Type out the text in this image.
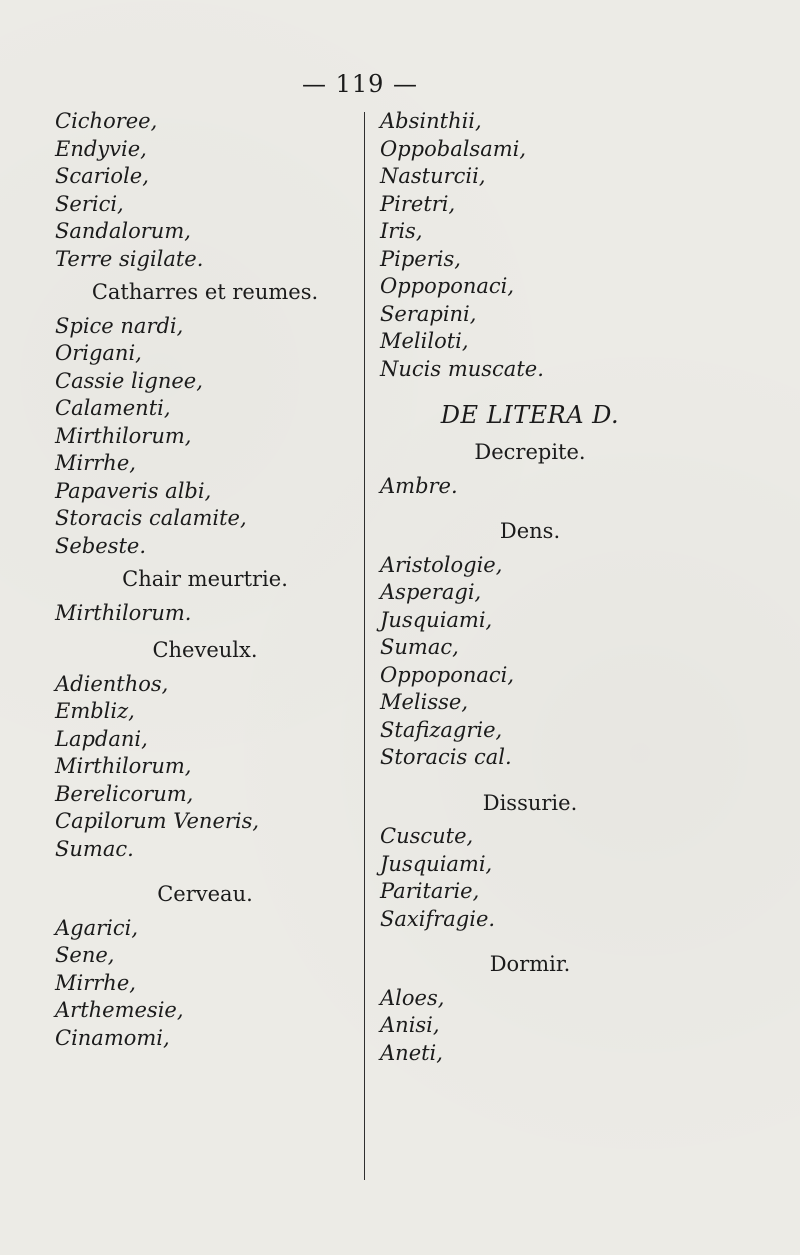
— 119 —

Cichoree,

Endyvie,

Scariole,

Serici,

Sandalorum,

Terre sigilate.

Catharres et reumes.

Spice nardi,

Origani,

Cassie lignee,

Calamenti,

Mirthilorum,

Mirrhe,

Papaveris albi,

Storacis calamite,

Sebeste.

Chair meurtrie.

Mirthilorum.

Cheveulx.

Adienthos,

Embliz,

Lapdani,

Mirthilorum,

Berelicorum,

Capilorum Veneris,

Sumac.

Cerveau.

Agarici,

Sene,

Mirrhe,

Arthemesie,

Cinamomi,

Absinthii,

Oppobalsami,

Nasturcii,

Piretri,

Iris,

Piperis,

Oppoponaci,

Serapini,

Meliloti,

Nucis muscate.

DE LITERA D.

Decrepite.

Ambre.

Dens.

Aristologie,

Asperagi,

Jusquiami,

Sumac,

Oppoponaci,

Melisse,

Stafizagrie,

Storacis cal.

Dissurie.

Cuscute,

Jusquiami,

Paritarie,

Saxifragie.

Dormir.

Aloes,

Anisi,

Aneti,
